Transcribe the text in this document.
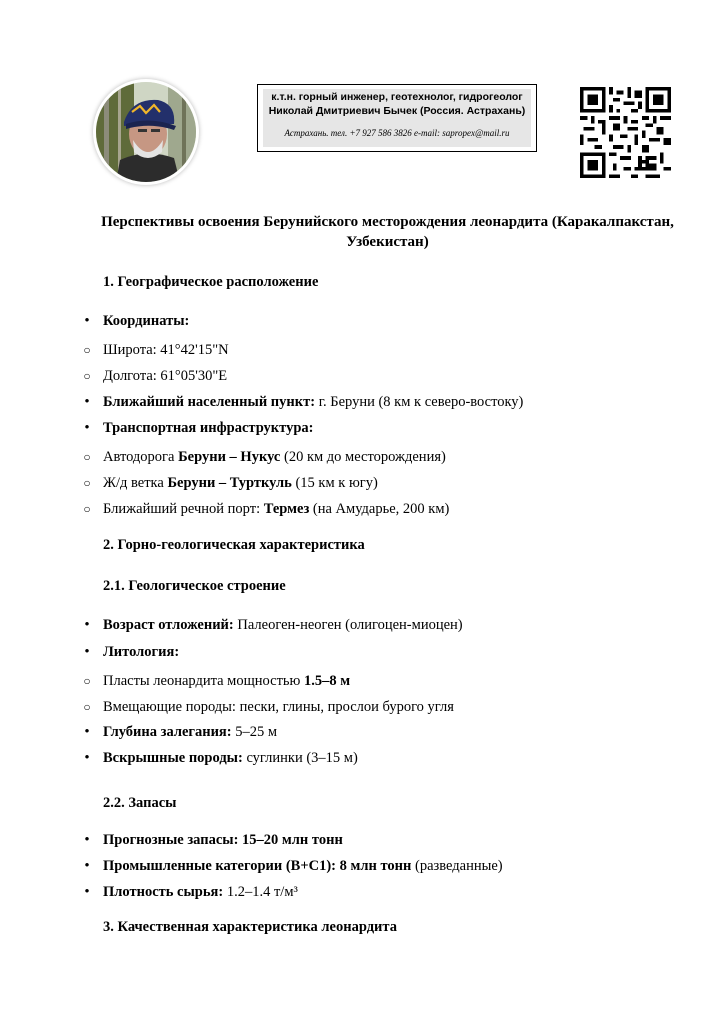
к.т.н. горный инженер, геотехнолог, гидрогеолог
Николай Дмитриевич Бычек (Россия. Астрахань)
Астрахань. тел. +7 927 586 3826 e-mail: sapropex@mail.ru
Перспективы освоения Берунийского месторождения леонардита (Каракалпакстан, Узбекистан)
1. Географическое расположение
• Координаты:
○ Широта: 41°42'15"N
○ Долгота: 61°05'30"E
• Ближайший населенный пункт: г. Беруни (8 км к северо-востоку)
• Транспортная инфраструктура:
○ Автодорога Беруни – Нукус (20 км до месторождения)
○ Ж/д ветка Беруни – Турткуль (15 км к югу)
○ Ближайший речной порт: Термез (на Амударье, 200 км)
2. Горно-геологическая характеристика
2.1. Геологическое строение
• Возраст отложений: Палеоген-неоген (олигоцен-миоцен)
• Литология:
○ Пласты леонардита мощностью 1.5–8 м
○ Вмещающие породы: пески, глины, прослои бурого угля
• Глубина залегания: 5–25 м
• Вскрышные породы: суглинки (3–15 м)
2.2. Запасы
• Прогнозные запасы: 15–20 млн тонн
• Промышленные категории (B+C1): 8 млн тонн (разведанные)
• Плотность сырья: 1.2–1.4 т/м³
3. Качественная характеристика леонардита
